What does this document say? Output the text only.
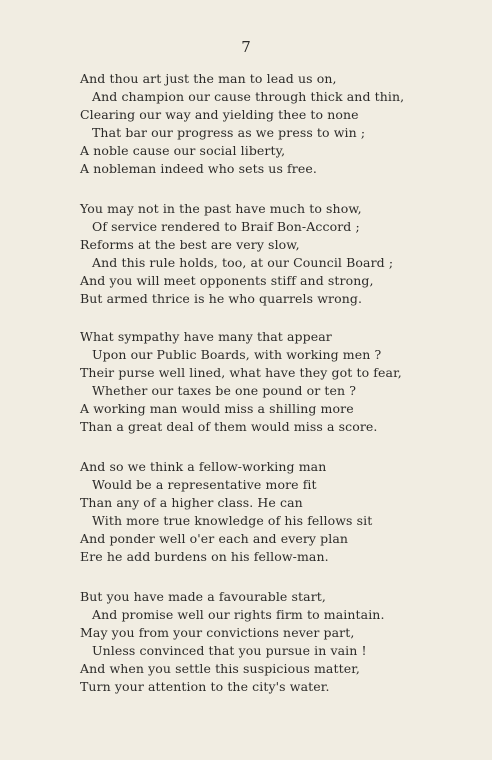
7
And thou art just the man to lead us on,
And champion our cause through thick and thin,
Clearing our way and yielding thee to none
That bar our progress as we press to win ;
A noble cause our social liberty,
A nobleman indeed who sets us free.
You may not in the past have much to show,
Of service rendered to Braif Bon-Accord ;
Reforms at the best are very slow,
And this rule holds, too, at our Council Board ;
And you will meet opponents stiff and strong,
But armed thrice is he who quarrels wrong.
What sympathy have many that appear
Upon our Public Boards, with working men ?
Their purse well lined, what have they got to fear,
Whether our taxes be one pound or ten ?
A working man would miss a shilling more
Than a great deal of them would miss a score.
And so we think a fellow-working man
Would be a representative more fit
Than any of a higher class. He can
With more true knowledge of his fellows sit
And ponder well o'er each and every plan
Ere he add burdens on his fellow-man.
But you have made a favourable start,
And promise well our rights firm to maintain.
May you from your convictions never part,
Unless convinced that you pursue in vain !
And when you settle this suspicious matter,
Turn your attention to the city's water.
